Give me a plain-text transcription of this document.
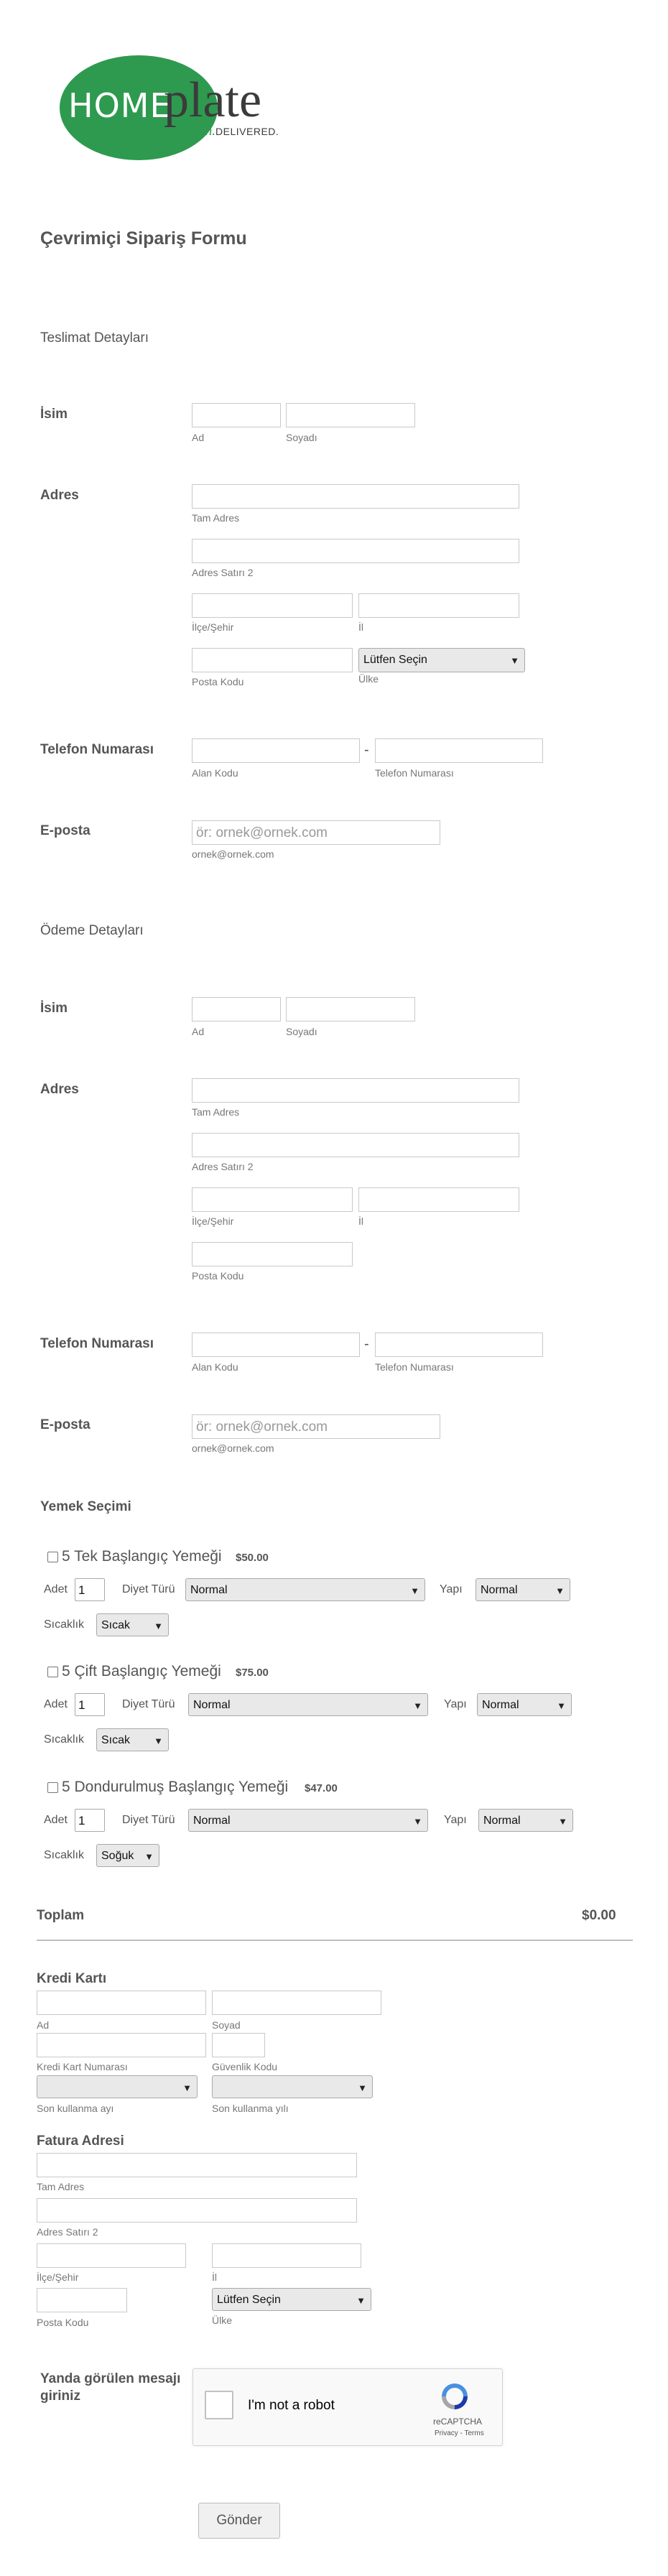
HOME
plate
fresh.DELIVERED.
Çevrimiçi Sipariş Formu
Teslimat Detayları
İsim
Ad	Soyadı
Adres
Tam Adres
Adres Satırı 2
İlçe/Şehir	İl
Lütfen Seçin	▼
Posta Kodu	Ülke
Telefon Numarası	-
Alan Kodu	Telefon Numarası
E-posta	ör: ornek@ornek.com
ornek@ornek.com
Ödeme Detayları
İsim
Ad	Soyadı
Adres
Tam Adres
Adres Satırı 2
İlçe/Şehir	İl
Posta Kodu
Telefon Numarası	-
Alan Kodu	Telefon Numarası
E-posta	ör: ornek@ornek.com
ornek@ornek.com
Yemek Seçimi
5 Tek Başlangıç Yemeği $50.00
Adet 1	Diyet Türü	Normal	▼ Yapı	Normal	▼
Sıcaklık	Sıcak	▼
5 Çift Başlangıç Yemeği $75.00
Adet 1	Diyet Türü	Normal	▼ Yapı	Normal	▼
Sıcaklık	Sıcak	▼
5 Dondurulmuş Başlangıç Yemeği $47.00
Adet 1	Diyet Türü	Normal	▼ Yapı	Normal	▼
Sıcaklık	Soğuk ▼
Toplam	$0.00
Kredi Kartı
Ad	Soyad
Kredi Kart Numarası	Güvenlik Kodu
▼	▼
Son kullanma ayı	Son kullanma yılı
Fatura Adresi
Tam Adres
Adres Satırı 2
İlçe/Şehir	İl
Lütfen Seçin	▼
Posta Kodu	Ülke
Yanda görülen mesajı giriniz
I'm not a robot
reCAPTCHA
Privacy - Terms
Gönder
